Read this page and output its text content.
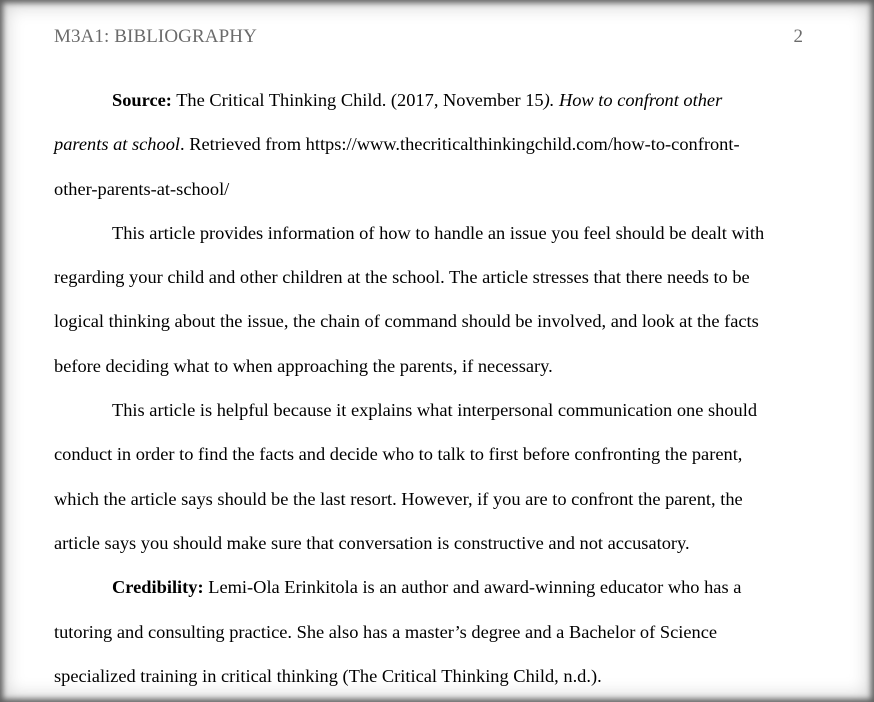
M3A1: BIBLIOGRAPHY	2
Source: The Critical Thinking Child. (2017, November 15). How to confront other
parents at school. Retrieved from https://www.thecriticalthinkingchild.com/how-to-confront-
other-parents-at-school/
This article provides information of how to handle an issue you feel should be dealt with
regarding your child and other children at the school. The article stresses that there needs to be
logical thinking about the issue, the chain of command should be involved, and look at the facts
before deciding what to when approaching the parents, if necessary.
This article is helpful because it explains what interpersonal communication one should
conduct in order to find the facts and decide who to talk to first before confronting the parent,
which the article says should be the last resort. However, if you are to confront the parent, the
article says you should make sure that conversation is constructive and not accusatory.
Credibility: Lemi-Ola Erinkitola is an author and award-winning educator who has a
tutoring and consulting practice. She also has a master’s degree and a Bachelor of Science
specialized training in critical thinking (The Critical Thinking Child, n.d.).
